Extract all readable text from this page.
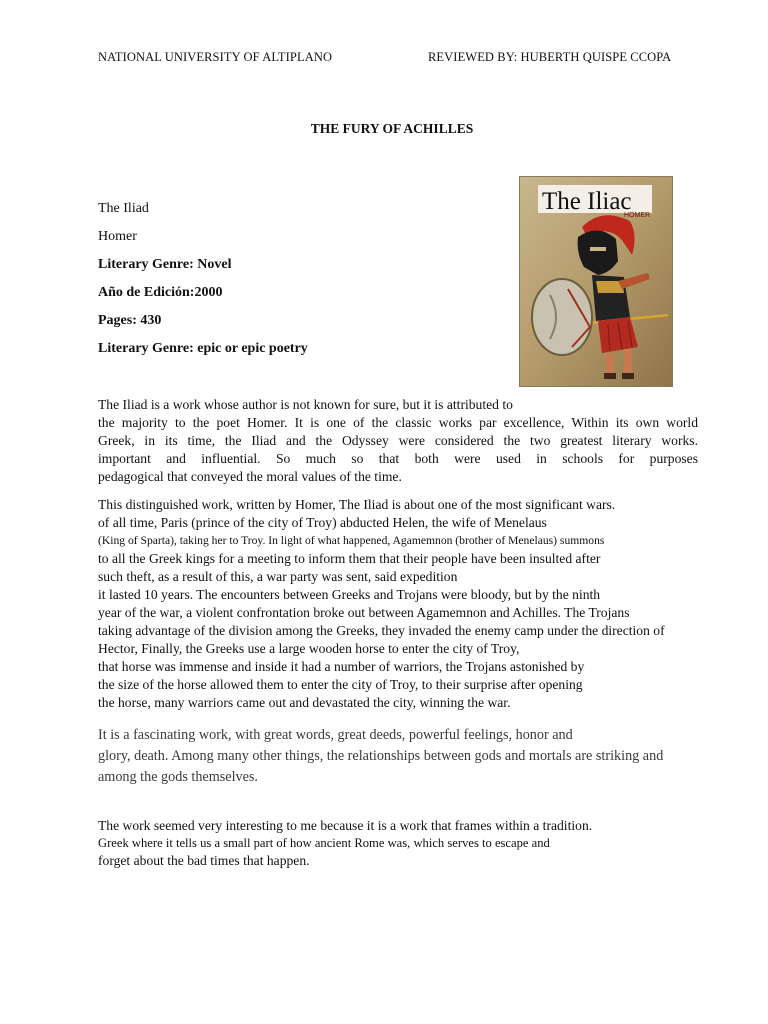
NATIONAL UNIVERSITY OF ALTIPLANO	REVIEWED BY: HUBERTH QUISPE CCOPA
THE FURY OF ACHILLES
The Iliad
Homer
Literary Genre: Novel
Año de Edición:2000
Pages: 430
Literary Genre: epic or epic poetry
The Iliac
HOMER
The Iliad is a work whose author is not known for sure, but it is attributed to
the majority to the poet Homer. It is one of the classic works par excellence, Within its own world
Greek, in its time, the Iliad and the Odyssey were considered the two greatest literary works.
important and influential. So much so that both were used in schools for purposes
pedagogical that conveyed the moral values of the time.
This distinguished work, written by Homer, The Iliad is about one of the most significant wars.
of all time, Paris (prince of the city of Troy) abducted Helen, the wife of Menelaus
(King of Sparta), taking her to Troy. In light of what happened, Agamemnon (brother of Menelaus) summons
to all the Greek kings for a meeting to inform them that their people have been insulted after
such theft, as a result of this, a war party was sent, said expedition
it lasted 10 years. The encounters between Greeks and Trojans were bloody, but by the ninth
year of the war, a violent confrontation broke out between Agamemnon and Achilles. The Trojans
taking advantage of the division among the Greeks, they invaded the enemy camp under the direction of
Hector, Finally, the Greeks use a large wooden horse to enter the city of Troy,
that horse was immense and inside it had a number of warriors, the Trojans astonished by
the size of the horse allowed them to enter the city of Troy, to their surprise after opening
the horse, many warriors came out and devastated the city, winning the war.
It is a fascinating work, with great words, great deeds, powerful feelings, honor and
glory, death. Among many other things, the relationships between gods and mortals are striking and
among the gods themselves.
The work seemed very interesting to me because it is a work that frames within a tradition.
Greek where it tells us a small part of how ancient Rome was, which serves to escape and
forget about the bad times that happen.
